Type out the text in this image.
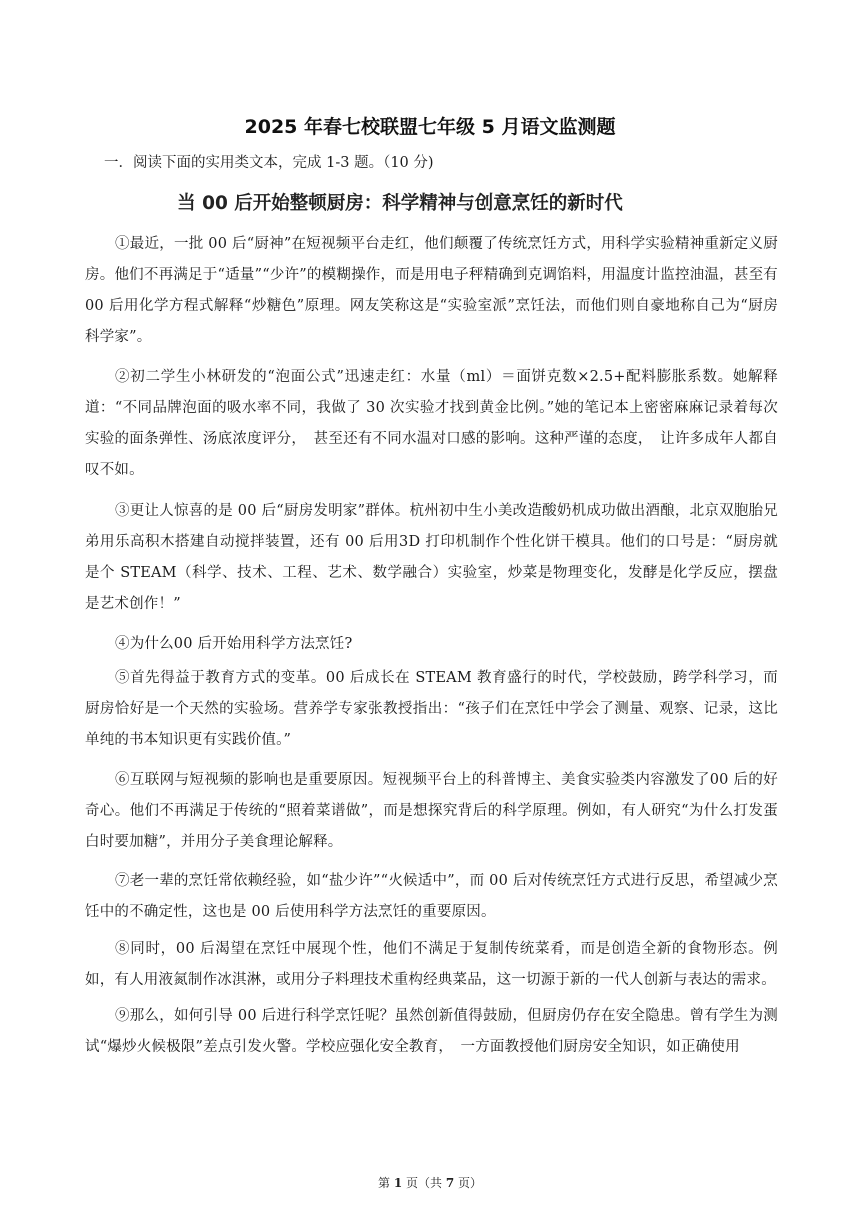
2025 年春七校联盟七年级 5 月语文监测题
一．阅读下面的实用类文本，完成 1-3 题。（10 分)
当 00 后开始整顿厨房：科学精神与创意烹饪的新时代

①最近，一批 00 后“厨神”在短视频平台走红，他们颠覆了传统烹饪方式，用科学实验精神重新定义厨房。他们不再满足于“适量”“少许”的模糊操作，而是用电子秤精确到克调馅料，用温度计监控油温，甚至有 00 后用化学方程式解释“炒糖色”原理。网友笑称这是“实验室派”烹饪法，而他们则自豪地称自己为“厨房科学家”。

②初二学生小林研发的“泡面公式”迅速走红：水量（ml）＝面饼克数×2.5+配料膨胀系数。她解释道：“不同品牌泡面的吸水率不同，我做了 30 次实验才找到黄金比例。”她的笔记本上密密麻麻记录着每次实验的面条弹性、汤底浓度评分，　甚至还有不同水温对口感的影响。这种严谨的态度，　让许多成年人都自叹不如。

③更让人惊喜的是 00 后“厨房发明家”群体。杭州初中生小美改造酸奶机成功做出酒酿，北京双胞胎兄弟用乐高积木搭建自动搅拌装置，还有 00 后用3D 打印机制作个性化饼干模具。他们的口号是：“厨房就是个 STEAM（科学、技术、工程、艺术、数学融合）实验室，炒菜是物理变化，发酵是化学反应，摆盘是艺术创作！”

④为什么00 后开始用科学方法烹饪?

⑤首先得益于教育方式的变革。00 后成长在 STEAM 教育盛行的时代，学校鼓励，跨学科学习，而厨房恰好是一个天然的实验场。营养学专家张教授指出：“孩子们在烹饪中学会了测量、观察、记录，这比单纯的书本知识更有实践价值。”

⑥互联网与短视频的影响也是重要原因。短视频平台上的科普博主、美食实验类内容激发了00 后的好奇心。他们不再满足于传统的“照着菜谱做”，而是想探究背后的科学原理。例如，有人研究“为什么打发蛋白时要加糖”，并用分子美食理论解释。

⑦老一辈的烹饪常依赖经验，如“盐少许”“火候适中”，而 00 后对传统烹饪方式进行反思，希望减少烹饪中的不确定性，这也是 00 后使用科学方法烹饪的重要原因。

⑧同时，00 后渴望在烹饪中展现个性，他们不满足于复制传统菜肴，而是创造全新的食物形态。例如，有人用液氮制作冰淇淋，或用分子料理技术重构经典菜品，这一切源于新的一代人创新与表达的需求。

⑨那么，如何引导 00 后进行科学烹饪呢？虽然创新值得鼓励，但厨房仍存在安全隐患。曾有学生为测试“爆炒火候极限”差点引发火警。学校应强化安全教育，　一方面教授他们厨房安全知识，如正确使用

第 1 页（共 7 页）
